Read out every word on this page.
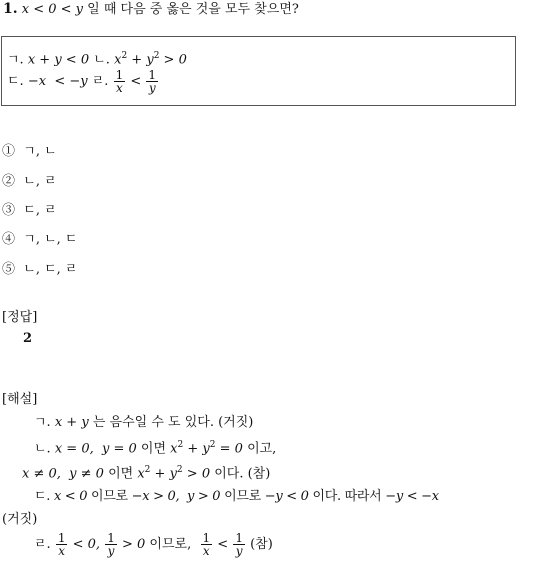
1. x < 0 < y 일 때 다음 중 옳은 것을 모두 찾으면?
ㄱ. x + y < 0 ㄴ. $x^2 + y^2 > 0$
ㄷ. −x  < −y ㄹ. $\frac{1}{x} < \frac{1}{y}$
① ㄱ, ㄴ
② ㄴ, ㄹ
③ ㄷ, ㄹ
④ ㄱ, ㄴ, ㄷ
⑤ ㄴ, ㄷ, ㄹ
[정답]
2
[해설]
ㄱ. x + y 는 음수일 수 도 있다. (거짓)
ㄴ. x = 0,  y = 0 이면 $x^2 + y^2 = 0$ 이고,
x ≠ 0,  y ≠ 0 이면 $x^2 + y^2 > 0$ 이다. (참)
ㄷ. x < 0 이므로 −x > 0,  y > 0 이므로 −y < 0 이다. 따라서 −y < −x
(거짓)
ㄹ. $\frac{1}{x} < 0$, $\frac{1}{y} > 0$ 이므로, $\frac{1}{x} < \frac{1}{y}$ (참)
